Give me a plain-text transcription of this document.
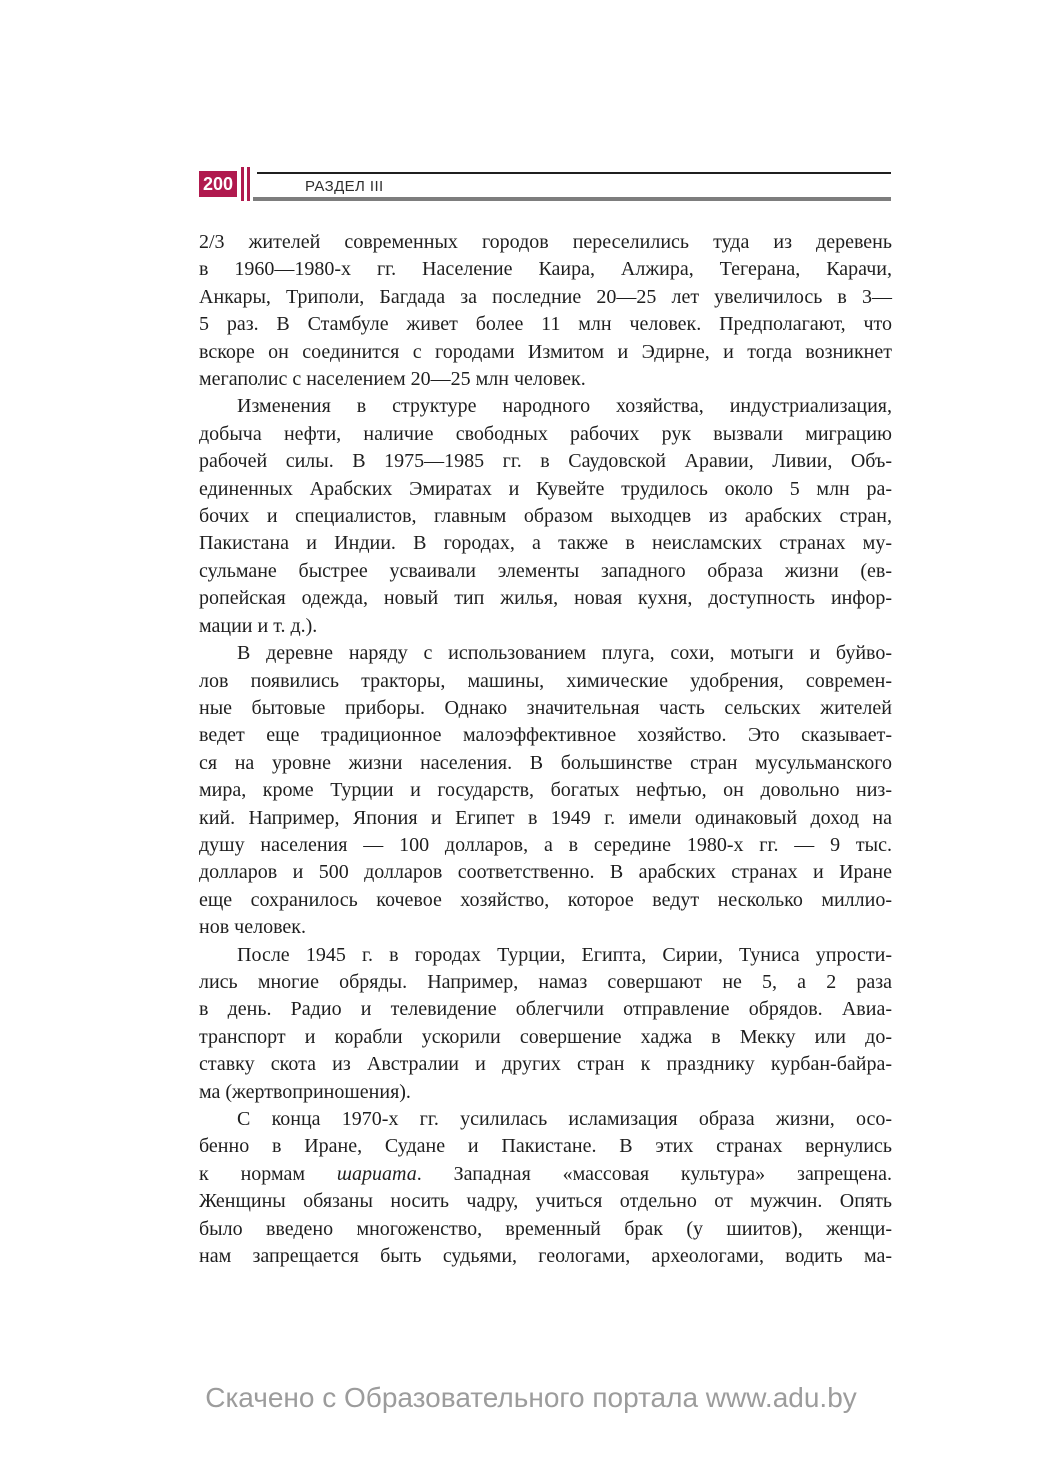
200	РАЗДЕЛ III
2/3 жителей современных городов переселились туда из деревень
в 1960—1980-х гг. Население Каира, Алжира, Тегерана, Карачи,
Анкары, Триполи, Багдада за последние 20—25 лет увеличилось в 3—
5 раз. В Стамбуле живет более 11 млн человек. Предполагают, что
вскоре он соединится с городами Измитом и Эдирне, и тогда возникнет
мегаполис с населением 20—25 млн человек.
Изменения в структуре народного хозяйства, индустриализация,
добыча нефти, наличие свободных рабочих рук вызвали миграцию
рабочей силы. В 1975—1985 гг. в Саудовской Аравии, Ливии, Объ-
единенных Арабских Эмиратах и Кувейте трудилось около 5 млн ра-
бочих и специалистов, главным образом выходцев из арабских стран,
Пакистана и Индии. В городах, а также в неисламских странах му-
сульмане быстрее усваивали элементы западного образа жизни (ев-
ропейская одежда, новый тип жилья, новая кухня, доступность инфор-
мации и т. д.).
В деревне наряду с использованием плуга, сохи, мотыги и буйво-
лов появились тракторы, машины, химические удобрения, современ-
ные бытовые приборы. Однако значительная часть сельских жителей
ведет еще традиционное малоэффективное хозяйство. Это сказывает-
ся на уровне жизни населения. В большинстве стран мусульманского
мира, кроме Турции и государств, богатых нефтью, он довольно низ-
кий. Например, Япония и Египет в 1949 г. имели одинаковый доход на
душу населения — 100 долларов, а в середине 1980-х гг. — 9 тыс.
долларов и 500 долларов соответственно. В арабских странах и Иране
еще сохранилось кочевое хозяйство, которое ведут несколько миллио-
нов человек.
После 1945 г. в городах Турции, Египта, Сирии, Туниса упрости-
лись многие обряды. Например, намаз совершают не 5, а 2 раза
в день. Радио и телевидение облегчили отправление обрядов. Авиа-
транспорт и корабли ускорили совершение хаджа в Мекку или до-
ставку скота из Австралии и других стран к празднику курбан-байра-
ма (жертвоприношения).
С конца 1970-х гг. усилилась исламизация образа жизни, осо-
бенно в Иране, Судане и Пакистане. В этих странах вернулись
к нормам шариата. Западная «массовая культура» запрещена.
Женщины обязаны носить чадру, учиться отдельно от мужчин. Опять
было введено многоженство, временный брак (у шиитов), женщи-
нам запрещается быть судьями, геологами, археологами, водить ма-
Скачено с Образовательного портала www.adu.by
